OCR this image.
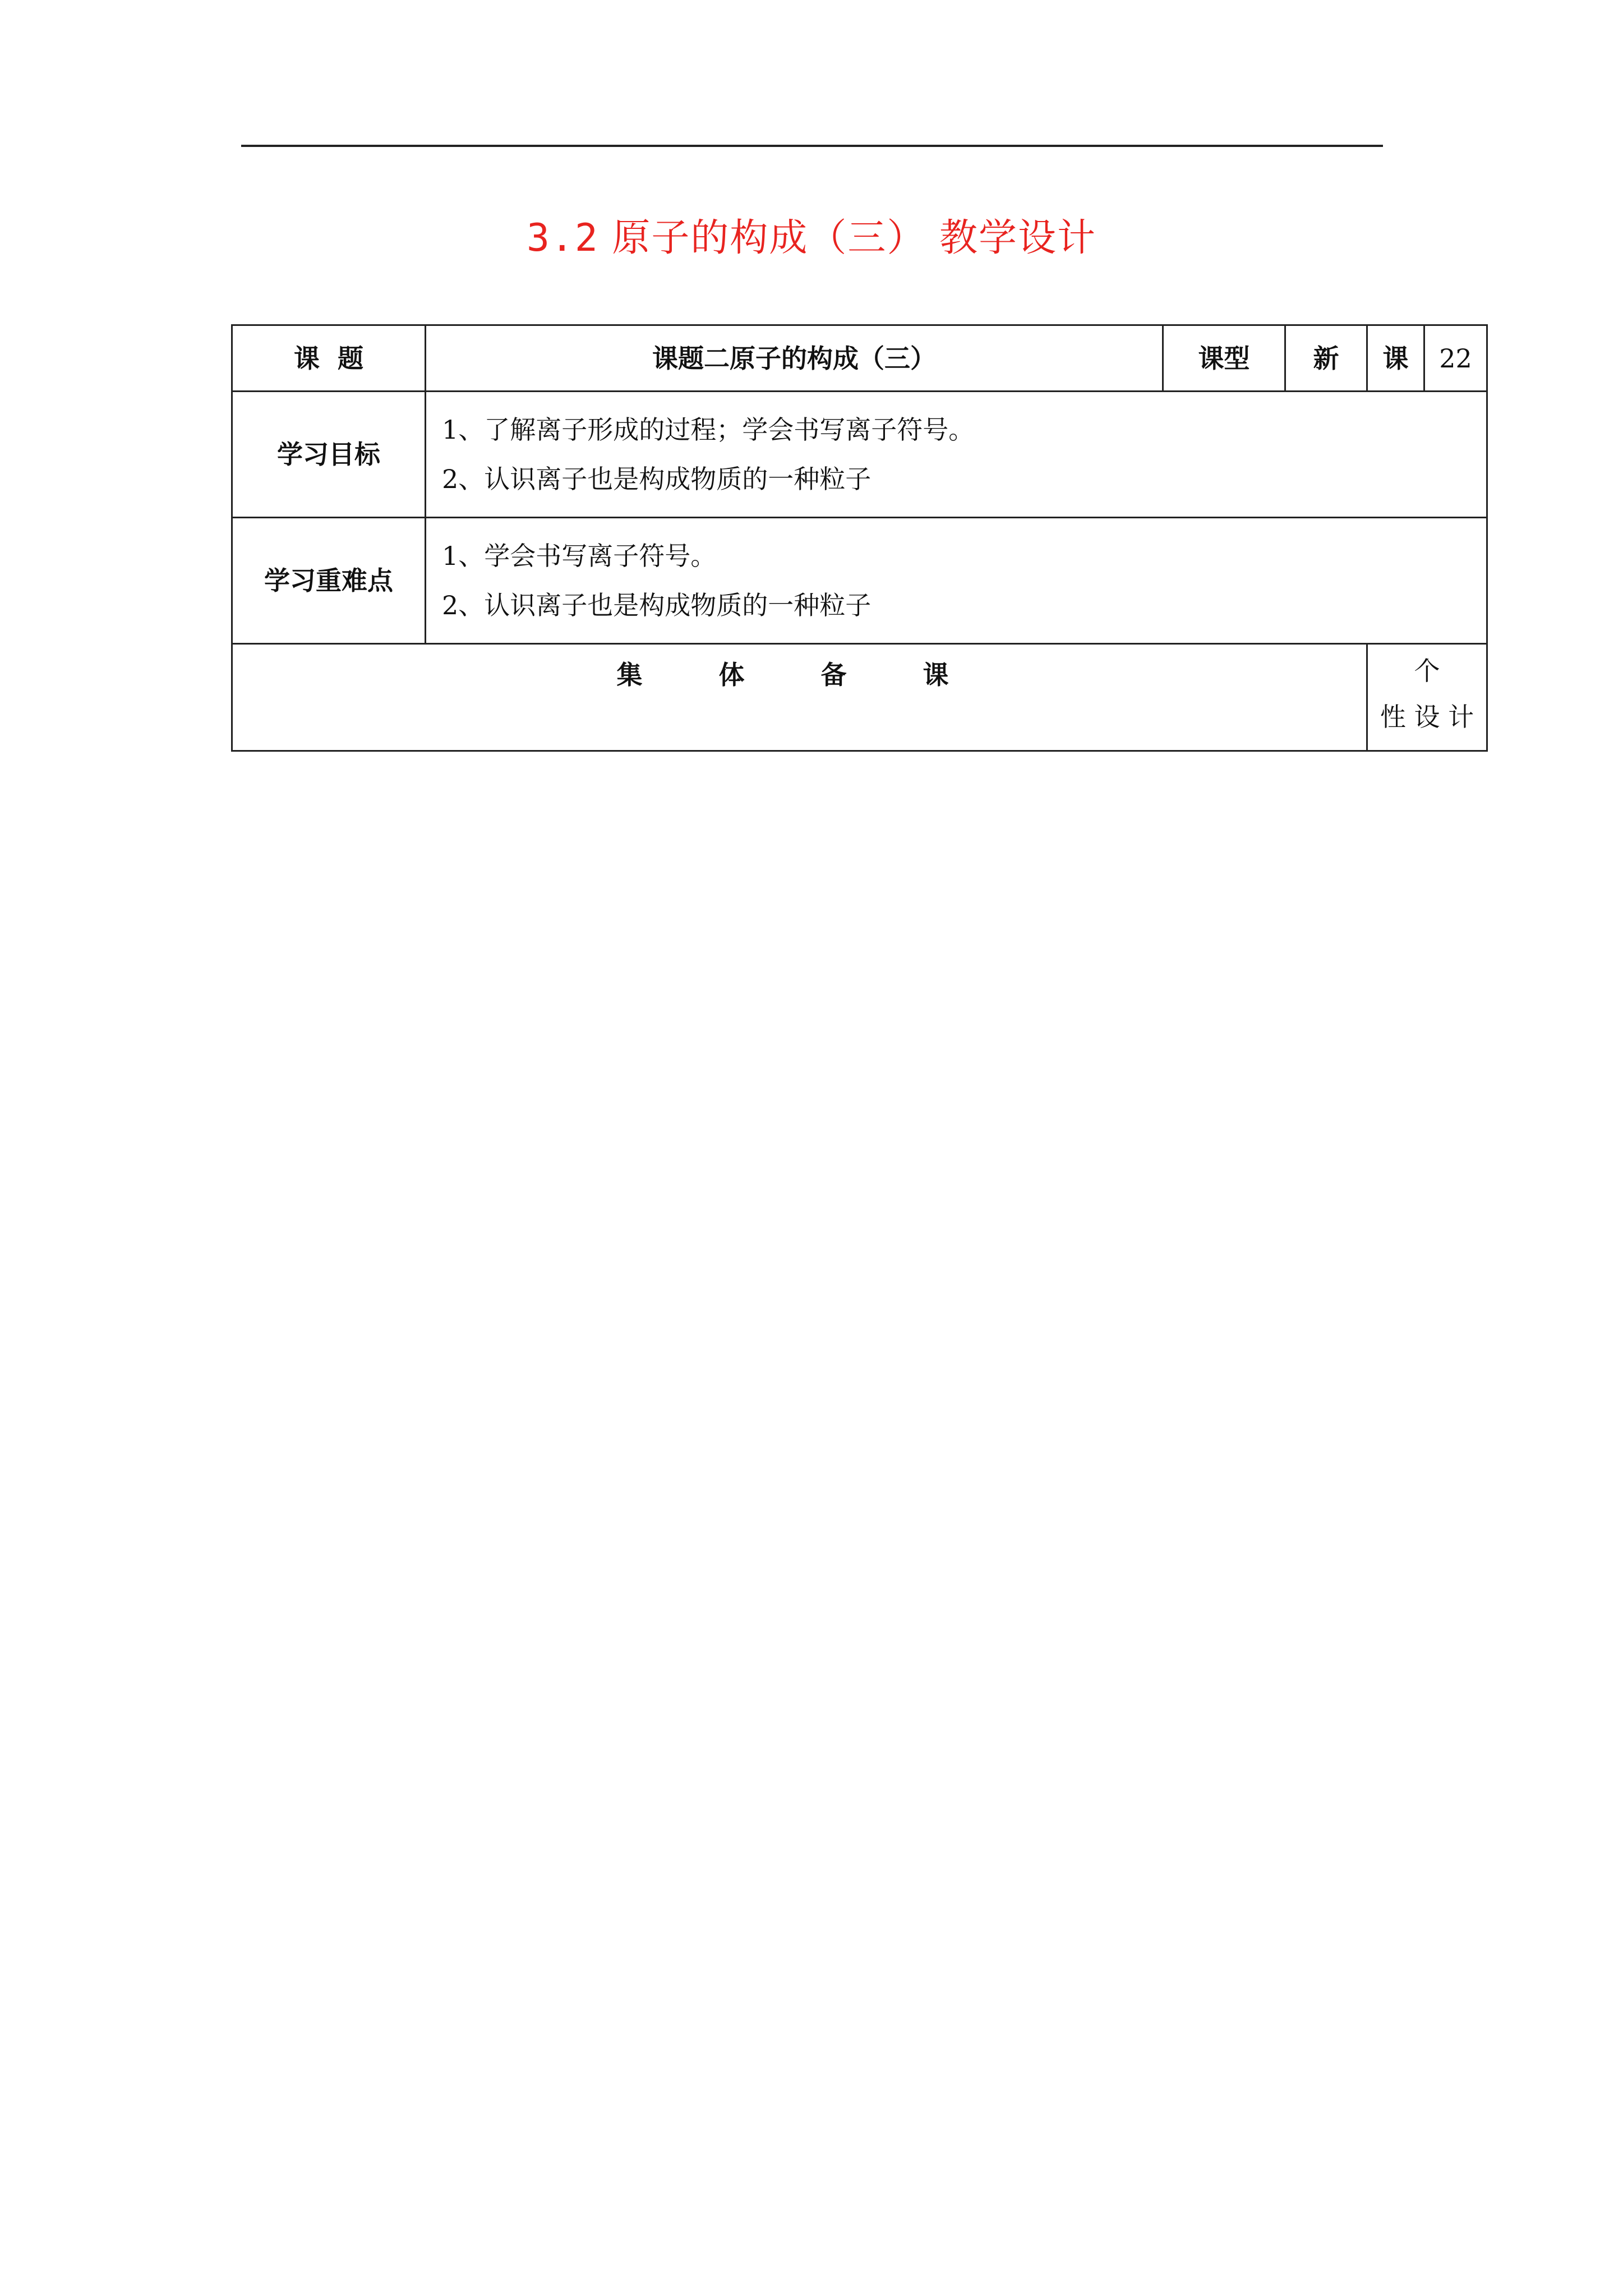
3.2 原子的构成（三） 教学设计
课  题	课题二原子的构成（三）	课型	新	课	22
学习目标	1、了解离子形成的过程；学会书写离子符号。
2、认识离子也是构成物质的一种粒子				

学习重难点	1、学会书写离子符号。
2、认识离子也是构成物质的一种粒子				

集 体 备 课				个
性 设 计	
